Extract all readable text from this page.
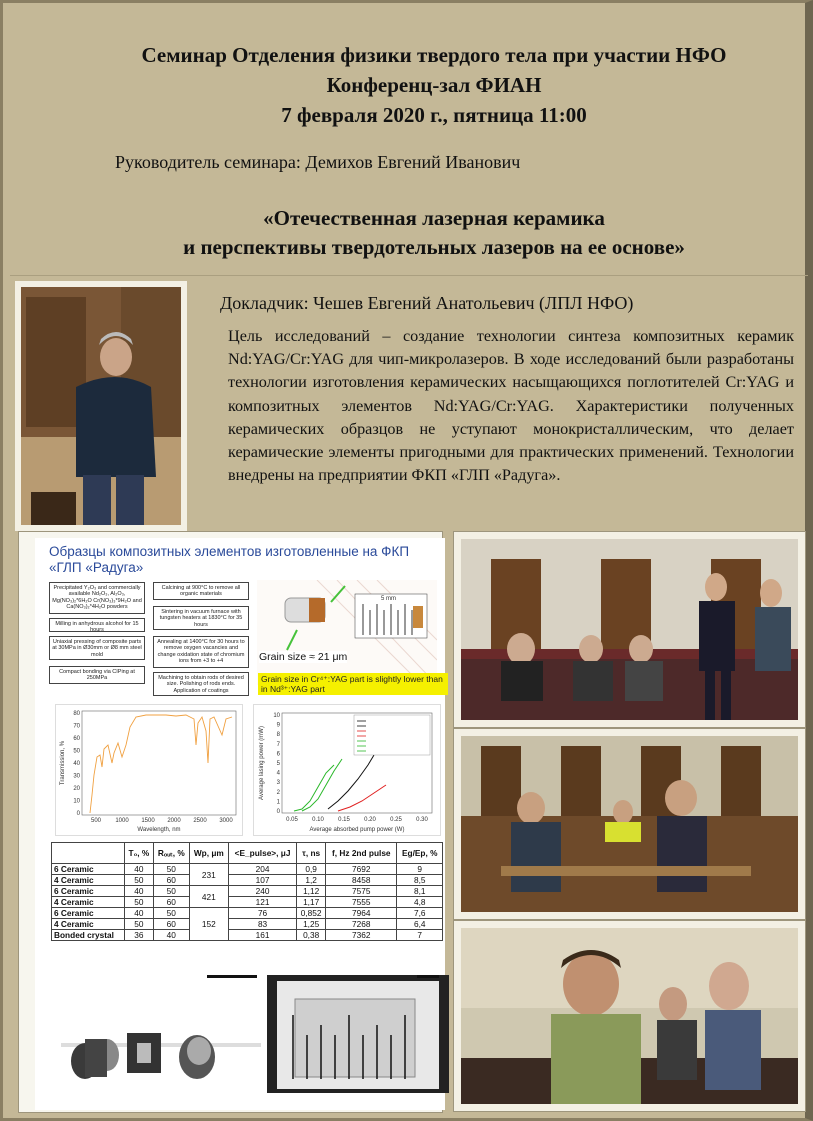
Семинар Отделения физики твердого тела при участии НФО
Конференц-зал ФИАН
7 февраля 2020 г., пятница 11:00
Руководитель семинара: Демихов Евгений Иванович
«Отечественная лазерная керамика
и перспективы твердотельных лазеров на ее основе»
Докладчик: Чешев Евгений Анатольевич (ЛПЛ НФО)
Цель исследований – создание технологии синтеза композитных керамик Nd:YAG/Cr:YAG для чип-микролазеров. В ходе исследований были разработаны технологии изготовления керамических насыщающихся поглотителей Cr:YAG и композитных элементов Nd:YAG/Cr:YAG. Характеристики полученных керамических образцов не уступают монокристаллическим, что делает керамические элементы пригодными для практических применений. Технологии внедрены на предприятии ФКП «ГЛП «Радуга».
Образцы композитных элементов изготовленные на ФКП «ГЛП «Радуга»
Precipitated Y₂O₃ and commercially available Nd₂O₃, Al₂O₃, Mg(NO₃)₂*6H₂O Cr(NO₃)₃*9H₂O and Ca(NO₃)₂*4H₂O powders
Milling in anhydrous alcohol for 15 hours
Uniaxial pressing of composite parts at 30MPa in Ø30mm or Ø8 mm steel mold
Compact bonding via CIPing at 250MPa
Calcining at 900°C to remove all organic materials
Sintering in vacuum furnace with tungsten heaters at 1830°C for 35 hours
Annealing at 1400°C for 30 hours to remove oxygen vacancies and change oxidation state of chromium ions from +3 to +4
Machining to obtain rods of desired size. Polishing of rods ends. Application of coatings
5 mm
Grain size ≈ 21 μm
Grain size in Cr⁴⁺:YAG part is slightly lower than in Nd³⁺:YAG part
0
10
20
30
40
50
60
70
80
500 1000 1500 2000 2500 3000
Wavelength, nm
Transmission, %
0
1
2
3
4
5
6
7
8
9
10
0.05 0.10 0.15 0.20 0.25 0.30
Average absorbed pump power (W)
Average lasing power (mW)
	T₀, %	Rₒᵤₜ, %	Wp, μm	<E_pulse>, μJ	τ, ns	f, Hz 2nd pulse	Eg/Ep, %
6 Ceramic	40	50	231	204	0,9	7692	9
4 Ceramic	50	60		107	1,2	8458	8,5
6 Ceramic	40	50	421	240	1,12	7575	8,1
4 Ceramic	50	60		121	1,17	7555	4,8
6 Ceramic	40	50	152	76	0,852	7964	7,6
4 Ceramic	50	60		83	1,25	7268	6,4
Bonded crystal	36	40		161	0,38	7362	7
